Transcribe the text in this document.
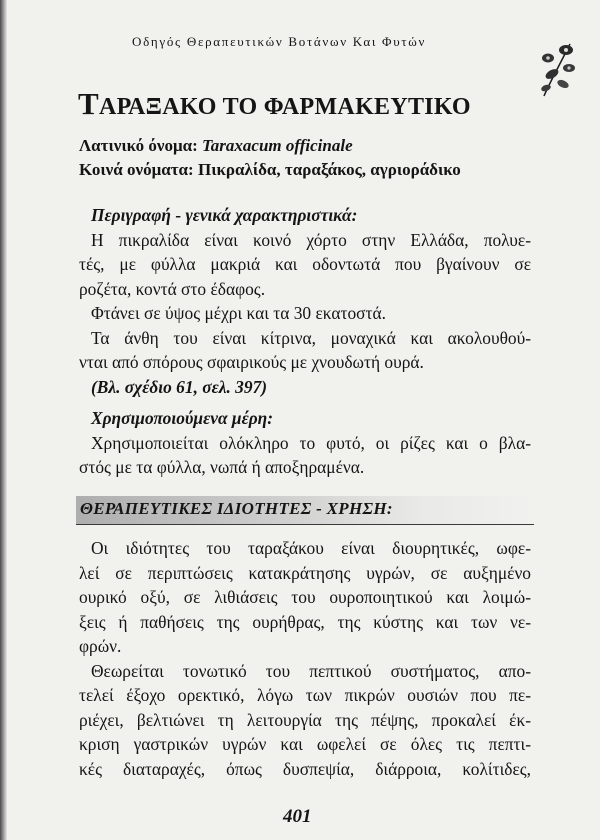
Οδηγός Θεραπευτικών Βοτάνων Και Φυτών
ΤΑΡΑΞΑΚΟ ΤΟ ΦΑΡΜΑΚΕΥΤΙΚΟ
Λατινικό όνομα: Taraxacum officinale
Κοινά ονόματα: Πικραλίδα, ταραξάκος, αγριοράδικο
Περιγραφή - γενικά χαρακτηριστικά:
Η πικραλίδα είναι κοινό χόρτο στην Ελλάδα, πολυε-
τές, με φύλλα μακριά και οδοντωτά που βγαίνουν σε
ροζέτα, κοντά στο έδαφος.
Φτάνει σε ύψος μέχρι και τα 30 εκατοστά.
Τα άνθη του είναι κίτρινα, μοναχικά και ακολουθού-
νται από σπόρους σφαιρικούς με χνουδωτή ουρά.
(Βλ. σχέδιο 61, σελ. 397)
Χρησιμοποιούμενα μέρη:
Χρησιμοποιείται ολόκληρο το φυτό, οι ρίζες και ο βλα-
στός με τα φύλλα, νωπά ή αποξηραμένα.
ΘΕΡΑΠΕΥΤΙΚΕΣ ΙΔΙΟΤΗΤΕΣ - ΧΡΗΣΗ:
Οι ιδιότητες του ταραξάκου είναι διουρητικές, ωφε-
λεί σε περιπτώσεις κατακράτησης υγρών, σε αυξημένο
ουρικό οξύ, σε λιθιάσεις του ουροποιητικού και λοιμώ-
ξεις ή παθήσεις της ουρήθρας, της κύστης και των νε-
φρών.
Θεωρείται τονωτικό του πεπτικού συστήματος, απο-
τελεί έξοχο ορεκτικό, λόγω των πικρών ουσιών που πε-
ριέχει, βελτιώνει τη λειτουργία της πέψης, προκαλεί έκ-
κριση γαστρικών υγρών και ωφελεί σε όλες τις πεπτι-
κές διαταραχές, όπως δυσπεψία, διάρροια, κολίτιδες,
401
